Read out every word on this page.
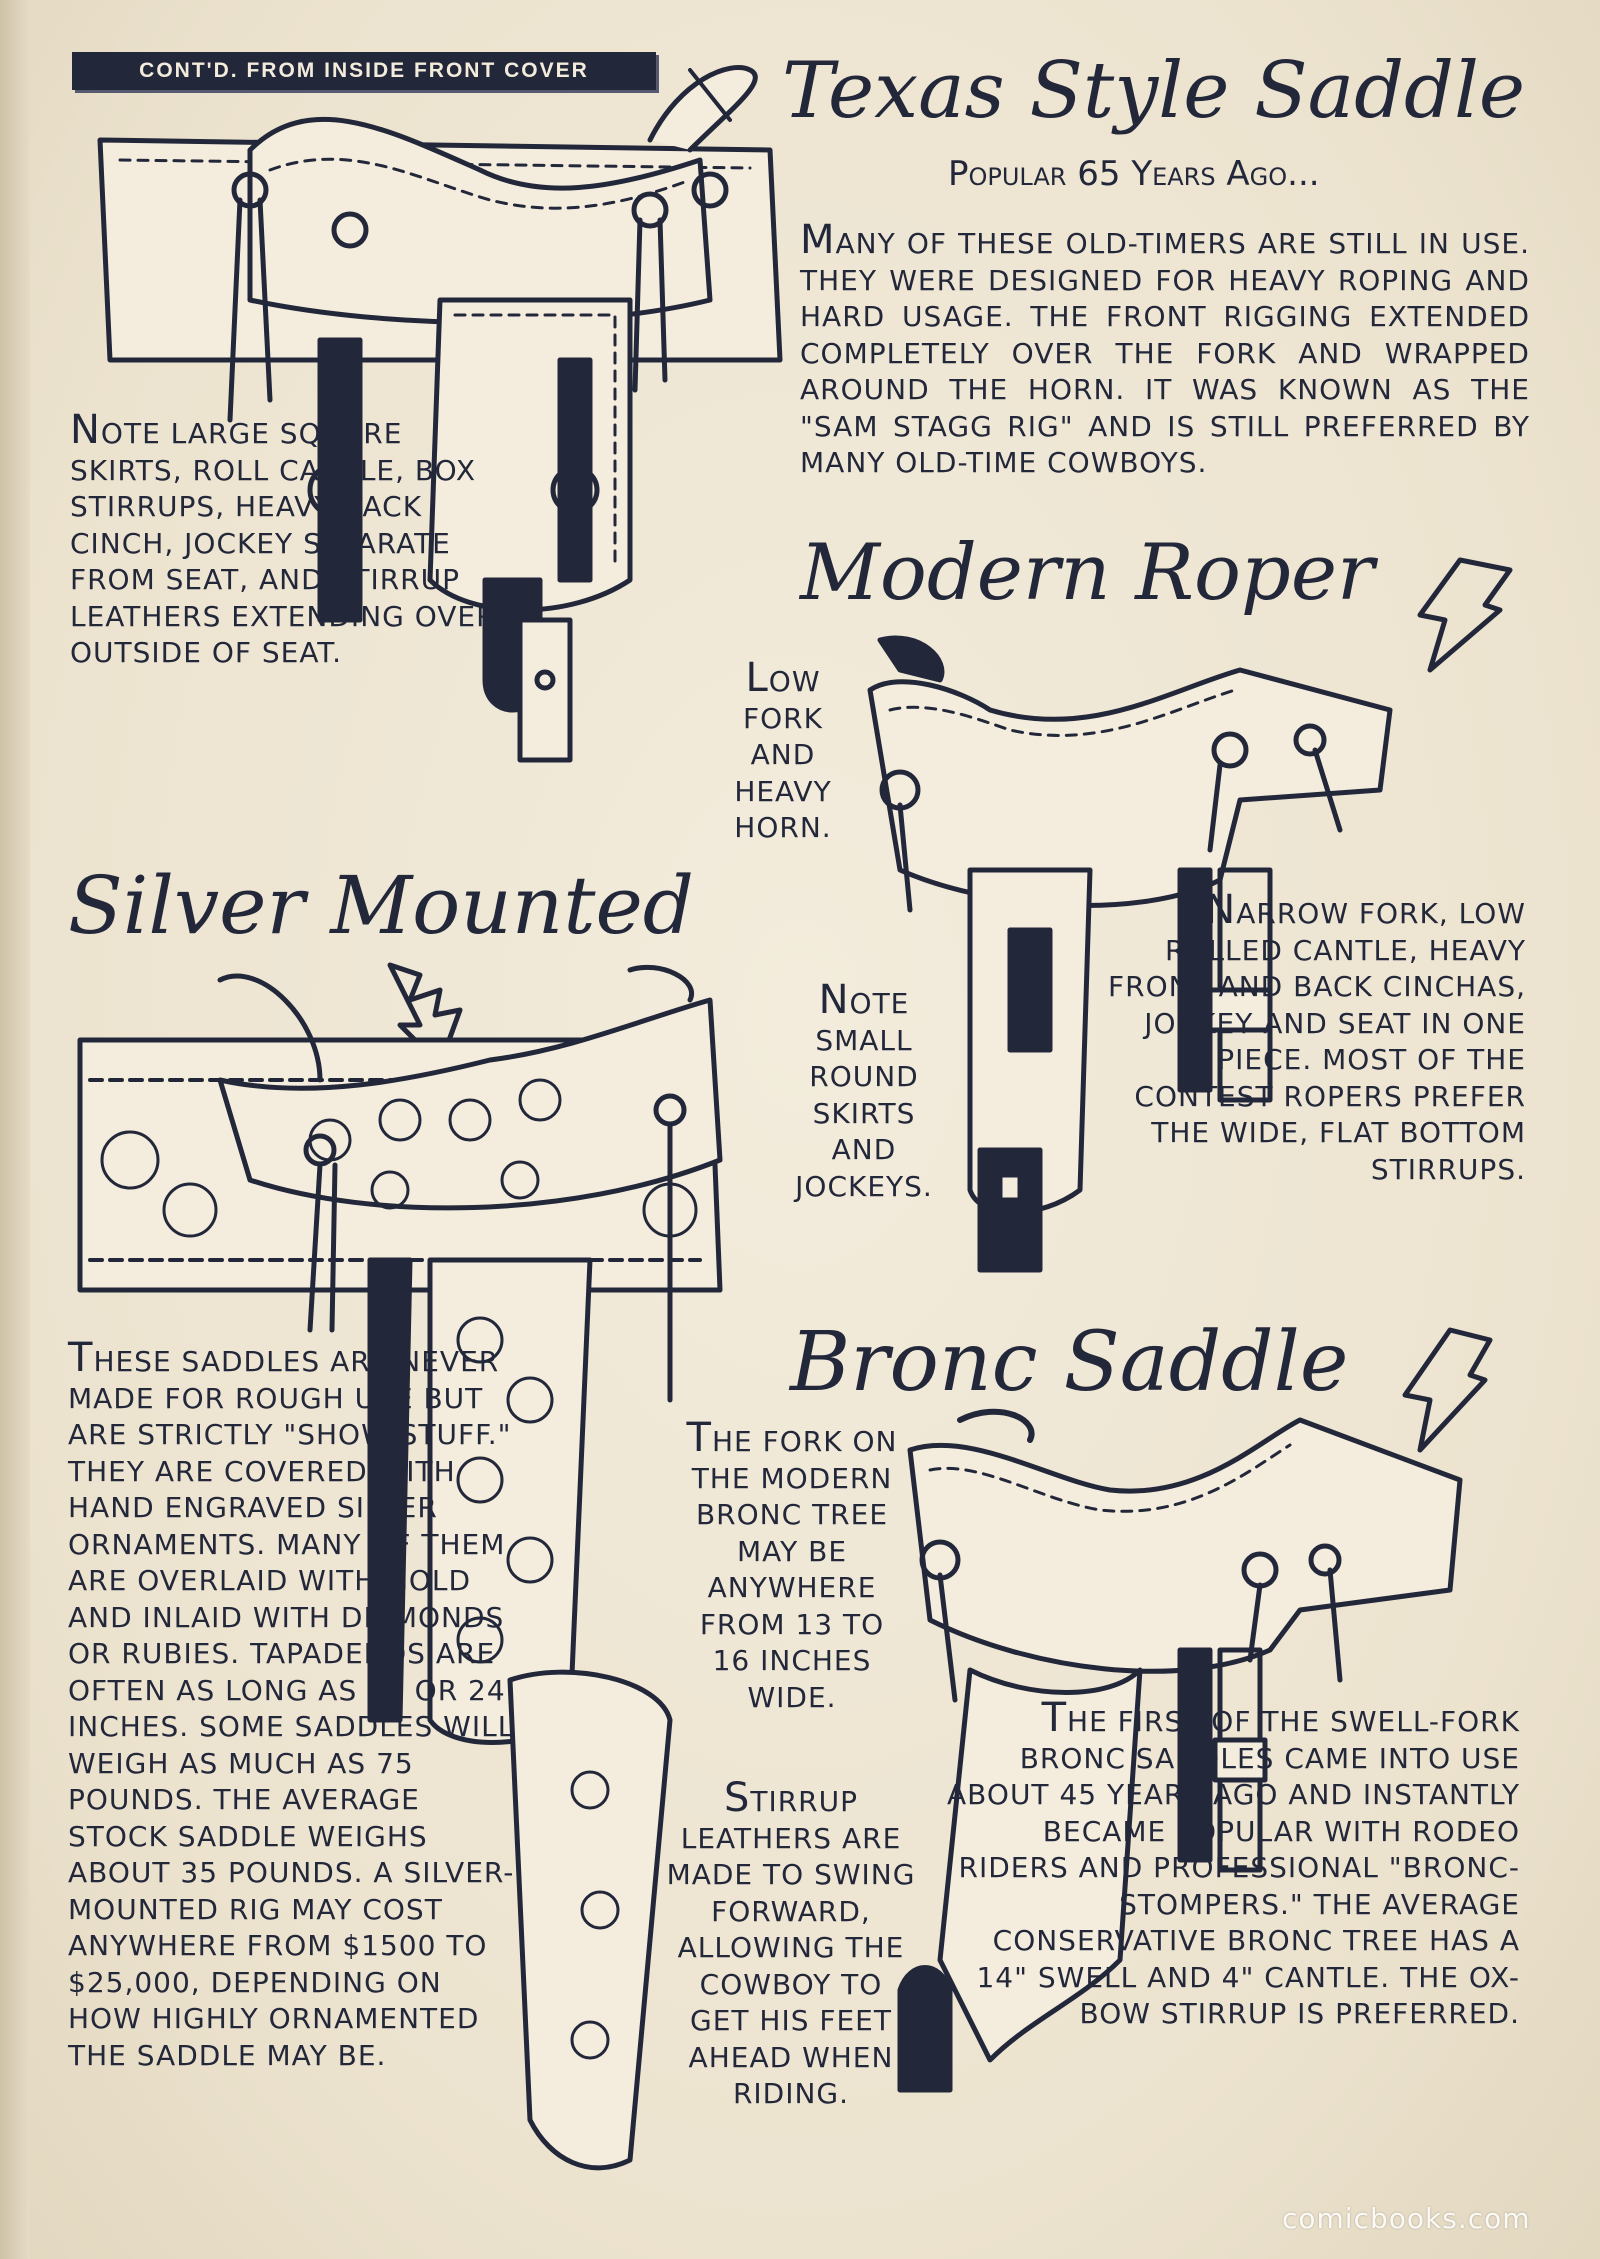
CONT'D. FROM INSIDE FRONT COVER	Texas Style Saddle
Popular 65 Years Ago...
MANY OF THESE OLD-TIMERS ARE STILL IN USE. THEY WERE DESIGNED FOR HEAVY ROPING AND HARD USAGE. THE FRONT RIGGING EXTENDED COMPLETELY OVER THE FORK AND WRAPPED AROUND THE HORN. IT WAS KNOWN AS THE "SAM STAGG RIG" AND IS STILL PREFERRED BY MANY OLD-TIME COWBOYS.
NOTE LARGE SQUARE SKIRTS, ROLL CANTLE, BOX STIRRUPS, HEAVY BACK CINCH, JOCKEY SEPARATE FROM SEAT, AND STIRRUP LEATHERS EXTENDING OVER OUTSIDE OF SEAT.
Modern Roper
LOW FORK AND HEAVY HORN.
NOTE SMALL ROUND SKIRTS AND JOCKEYS.
NARROW FORK, LOW ROLLED CANTLE, HEAVY FRONT AND BACK CINCHAS, JOCKEY AND SEAT IN ONE PIECE. MOST OF THE CONTEST ROPERS PREFER THE WIDE, FLAT BOTTOM STIRRUPS.
Silver Mounted
THESE SADDLES ARE NEVER MADE FOR ROUGH USE BUT ARE STRICTLY "SHOW STUFF." THEY ARE COVERED WITH HAND ENGRAVED SILVER ORNAMENTS. MANY OF THEM ARE OVERLAID WITH GOLD AND INLAID WITH DIAMONDS OR RUBIES. TAPADEROS ARE OFTEN AS LONG AS 22 OR 24 INCHES. SOME SADDLES WILL WEIGH AS MUCH AS 75 POUNDS. THE AVERAGE STOCK SADDLE WEIGHS ABOUT 35 POUNDS. A SILVER-MOUNTED RIG MAY COST ANYWHERE FROM $1500 TO $25,000, DEPENDING ON HOW HIGHLY ORNAMENTED THE SADDLE MAY BE.
Bronc Saddle
THE FORK ON THE MODERN BRONC TREE MAY BE ANYWHERE FROM 13 TO 16 INCHES WIDE.
STIRRUP LEATHERS ARE MADE TO SWING FORWARD, ALLOWING THE COWBOY TO GET HIS FEET AHEAD WHEN RIDING.
THE FIRST OF THE SWELL-FORK BRONC SADDLES CAME INTO USE ABOUT 45 YEARS AGO AND INSTANTLY BECAME POPULAR WITH RODEO RIDERS AND PROFESSIONAL "BRONC-STOMPERS." THE AVERAGE CONSERVATIVE BRONC TREE HAS A 14" SWELL AND 4" CANTLE. THE OX-BOW STIRRUP IS PREFERRED.
comicbooks.com
